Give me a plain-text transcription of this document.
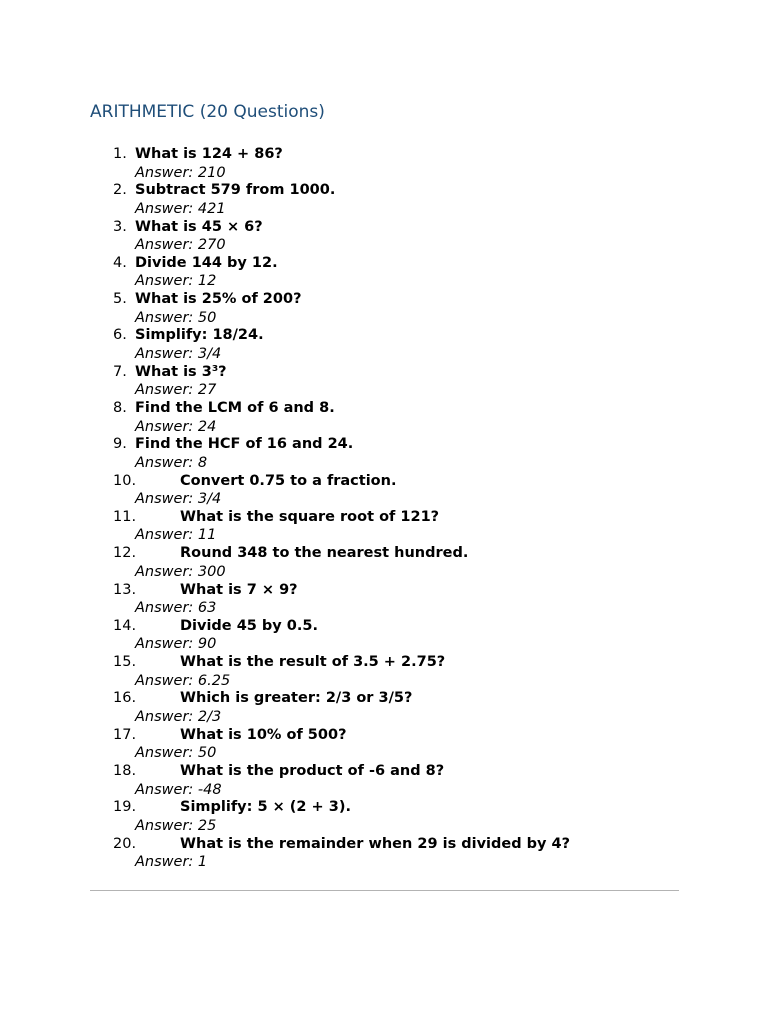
ARITHMETIC (20 Questions)
1. What is 124 + 86?
Answer: 210
2. Subtract 579 from 1000.
Answer: 421
3. What is 45 × 6?
Answer: 270
4. Divide 144 by 12.
Answer: 12
5. What is 25% of 200?
Answer: 50
6. Simplify: 18/24.
Answer: 3/4
7. What is 3³?
Answer: 27
8. Find the LCM of 6 and 8.
Answer: 24
9. Find the HCF of 16 and 24.
Answer: 8
10.	Convert 0.75 to a fraction.
Answer: 3/4
11.	What is the square root of 121?
Answer: 11
12.	Round 348 to the nearest hundred.
Answer: 300
13.	What is 7 × 9?
Answer: 63
14.	Divide 45 by 0.5.
Answer: 90
15.	What is the result of 3.5 + 2.75?
Answer: 6.25
16.	Which is greater: 2/3 or 3/5?
Answer: 2/3
17.	What is 10% of 500?
Answer: 50
18.	What is the product of -6 and 8?
Answer: -48
19.	Simplify: 5 × (2 + 3).
Answer: 25
20.	What is the remainder when 29 is divided by 4?
Answer: 1
